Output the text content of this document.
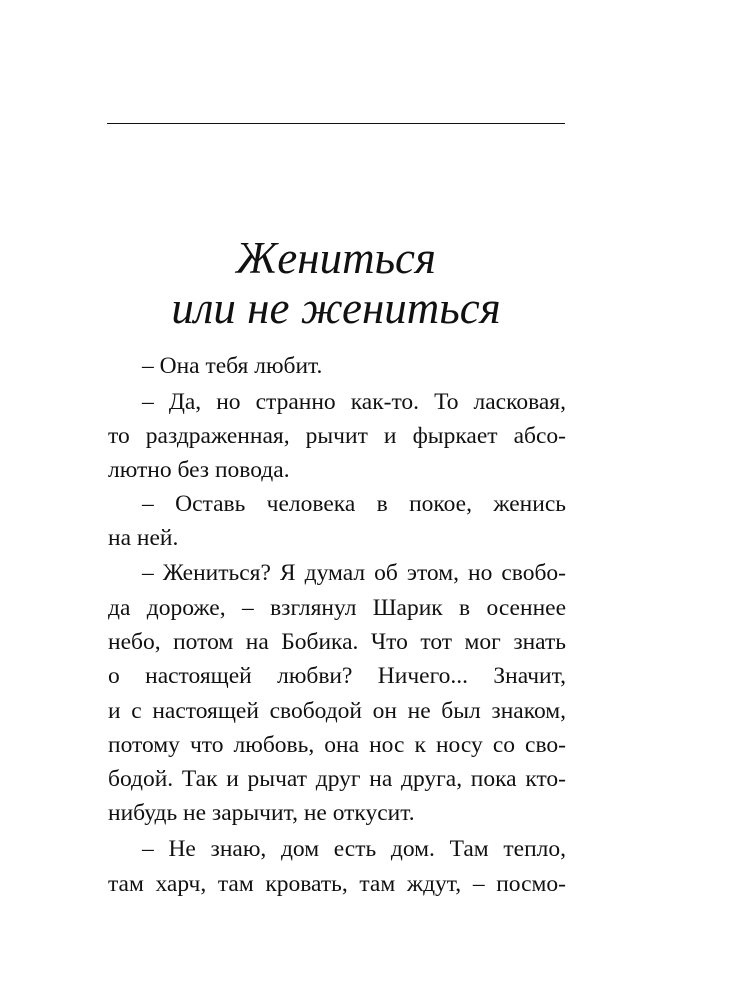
Жениться
или не жениться
– Она тебя любит.
– Да, но странно как-то. То ласковая,
то раздраженная, рычит и фыркает абсо-
лютно без повода.
– Оставь человека в покое, женись
на ней.
– Жениться? Я думал об этом, но свобо-
да дороже, – взглянул Шарик в осеннее
небо, потом на Бобика. Что тот мог знать
о настоящей любви? Ничего... Значит,
и с настоящей свободой он не был знаком,
потому что любовь, она нос к носу со сво-
бодой. Так и рычат друг на друга, пока кто-
нибудь не зарычит, не откусит.
– Не знаю, дом есть дом. Там тепло,
там харч, там кровать, там ждут, – посмо-
